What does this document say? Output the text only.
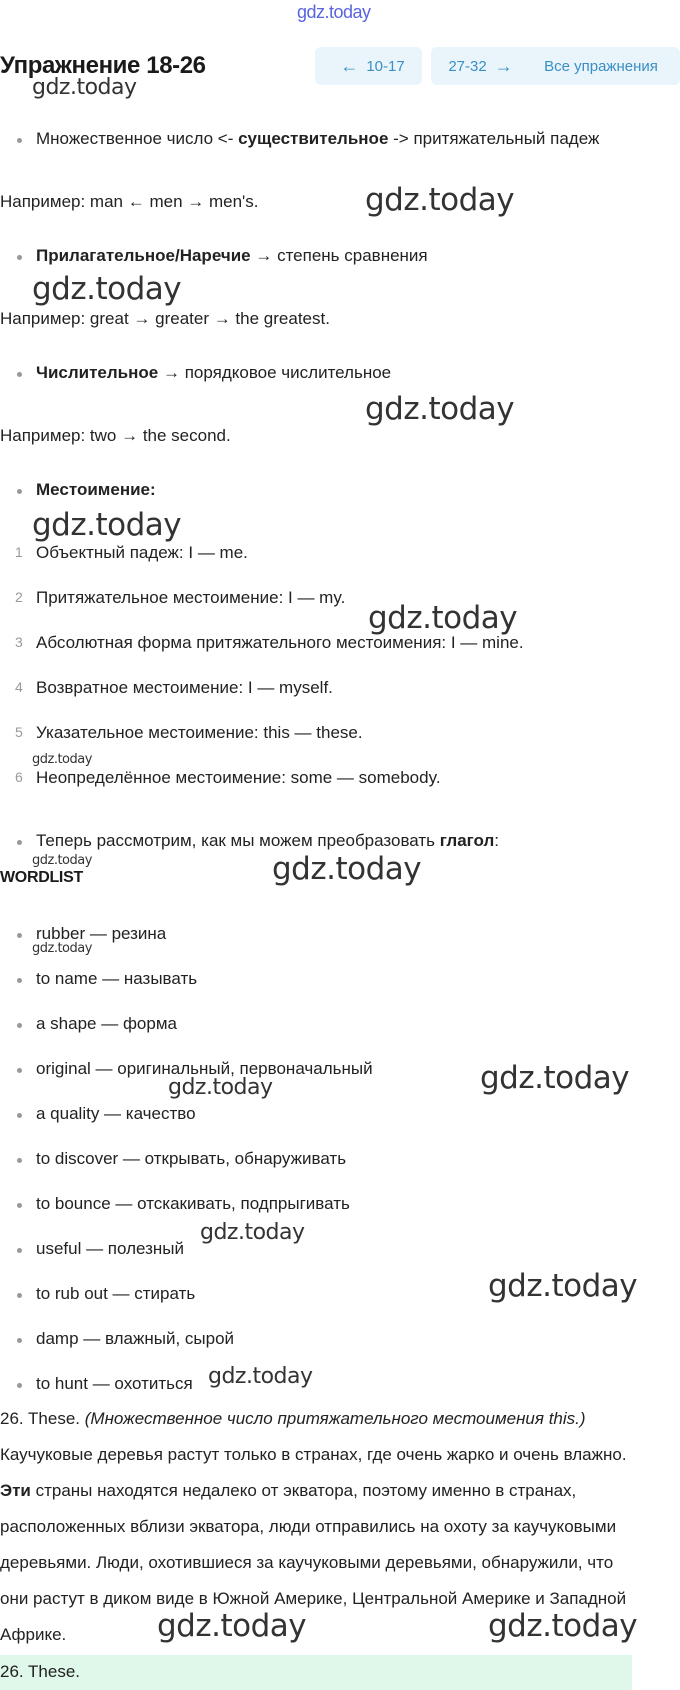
gdz.today
Упражнение 18-26	← 10-17	27-32 → Все упражнения
gdz.today
gdz.today
gdz.today
gdz.today
gdz.today
gdz.today
gdz.today
gdz.today	gdz.today
gdz.today
gdz.today
gdz.today
gdz.today
gdz.today
gdz.today
gdz.today	gdz.today
Множественное число <- существительное -> притяжательный падеж
Например: man ← men → men's.
Прилагательное/Наречие → степень сравнения
Например: great → greater → the greatest.
Числительное → порядковое числительное
Например: two → the second.
Местоимение:
1 Объектный падеж: I — me.
2 Притяжательное местоимение: I — my.
3 Абсолютная форма притяжательного местоимения: I — mine.
4 Возвратное местоимение: I — myself.
5 Указательное местоимение: this — these.
6 Неопределённое местоимение: some — somebody.
Теперь рассмотрим, как мы можем преобразовать глагол:
WORDLIST
rubber — резина
to name — называть
a shape — форма
original — оригинальный, первоначальный
a quality — качество
to discover — открывать, обнаруживать
to bounce — отскакивать, подпрыгивать
useful — полезный
to rub out — стирать
damp — влажный, сырой
to hunt — охотиться
26. These. (Множественное число притяжательного местоимения this.)
Каучуковые деревья растут только в странах, где очень жарко и очень влажно.
Эти страны находятся недалеко от экватора, поэтому именно в странах,
расположенных вблизи экватора, люди отправились на охоту за каучуковыми
деревьями. Люди, охотившиеся за каучуковыми деревьями, обнаружили, что
они растут в диком виде в Южной Америке, Центральной Америке и Западной
Африке.
26. These.
